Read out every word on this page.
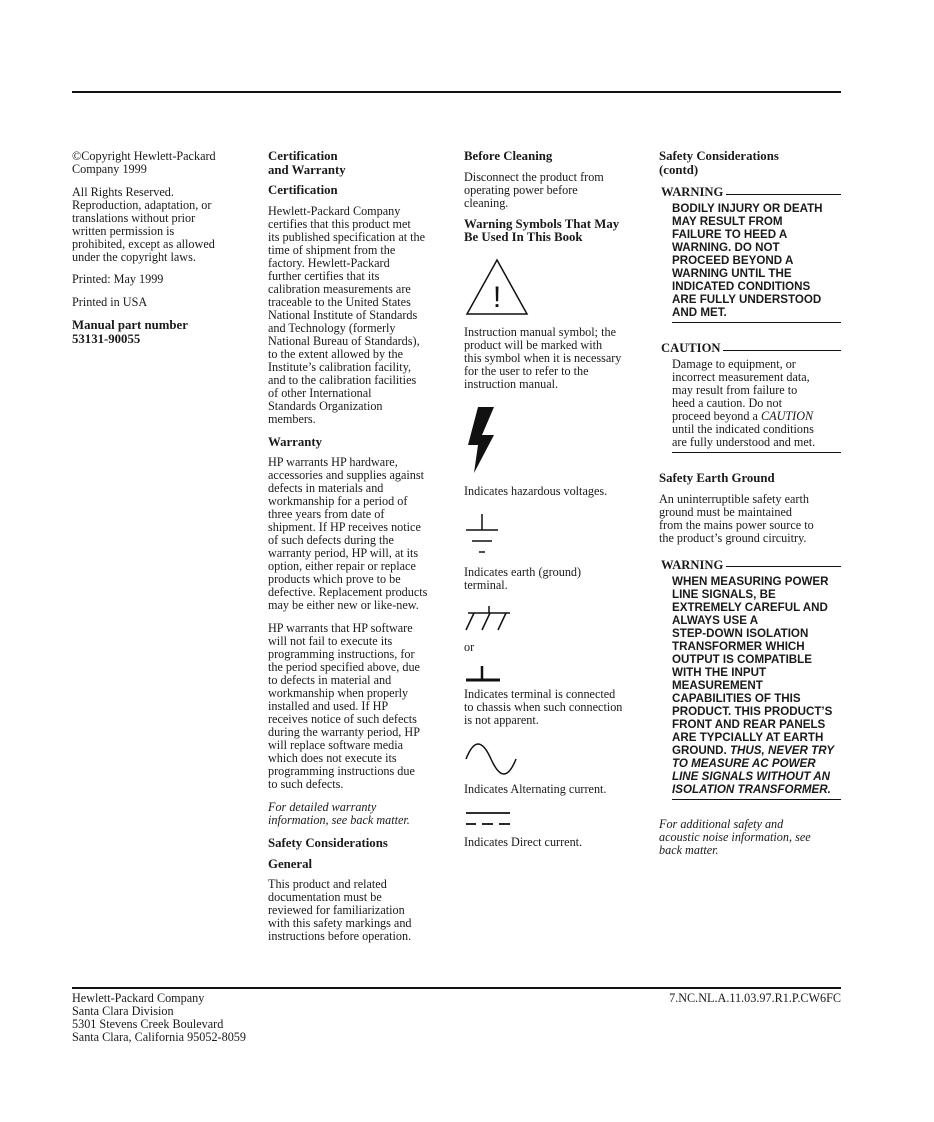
©Copyright Hewlett-Packard
Company 1999

All Rights Reserved.
Reproduction, adaptation, or
translations without prior
written permission is
prohibited, except as allowed
under the copyright laws.

Printed: May 1999

Printed in USA

Manual part number
53131-90055
Certification
and Warranty
Certification

Hewlett-Packard Company
certifies that this product met
its published specification at the
time of shipment from the
factory. Hewlett-Packard
further certifies that its
calibration measurements are
traceable to the United States
National Institute of Standards
and Technology (formerly
National Bureau of Standards),
to the extent allowed by the
Institute’s calibration facility,
and to the calibration facilities
of other International
Standards Organization
members.

Warranty

HP warrants HP hardware,
accessories and supplies against
defects in materials and
workmanship for a period of
three years from date of
shipment. If HP receives notice
of such defects during the
warranty period, HP will, at its
option, either repair or replace
products which prove to be
defective. Replacement products
may be either new or like-new.

HP warrants that HP software
will not fail to execute its
programming instructions, for
the period specified above, due
to defects in material and
workmanship when properly
installed and used. If HP
receives notice of such defects
during the warranty period, HP
will replace software media
which does not execute its
programming instructions due
to such defects.

For detailed warranty
information, see back matter.

Safety Considerations
General

This product and related
documentation must be
reviewed for familiarization
with this safety markings and
instructions before operation.

Before Cleaning

Disconnect the product from
operating power before
cleaning.

Warning Symbols That May
Be Used In This Book
!

Instruction manual symbol; the
product will be marked with
this symbol when it is necessary
for the user to refer to the
instruction manual.

Indicates hazardous voltages.

Indicates earth (ground)
terminal.

or

Indicates terminal is connected
to chassis when such connection
is not apparent.

Indicates Alternating current.

Indicates Direct current.

Safety Considerations
(contd)
WARNING
BODILY INJURY OR DEATH
MAY RESULT FROM
FAILURE TO HEED A
WARNING. DO NOT
PROCEED BEYOND A
WARNING UNTIL THE
INDICATED CONDITIONS
ARE FULLY UNDERSTOOD
AND MET.
CAUTION
Damage to equipment, or
incorrect measurement data,
may result from failure to
heed a caution. Do not
proceed beyond a CAUTION
until the indicated conditions
are fully understood and met.
Safety Earth Ground

An uninterruptible safety earth
ground must be maintained
from the mains power source to
the product’s ground circuitry.

WARNING
WHEN MEASURING POWER
LINE SIGNALS, BE
EXTREMELY CAREFUL AND
ALWAYS USE A
STEP-DOWN ISOLATION
TRANSFORMER WHICH
OUTPUT IS COMPATIBLE
WITH THE INPUT
MEASUREMENT
CAPABILITIES OF THIS
PRODUCT. THIS PRODUCT’S
FRONT AND REAR PANELS
ARE TYPCIALLY AT EARTH
GROUND. THUS, NEVER TRY
TO MEASURE AC POWER
LINE SIGNALS WITHOUT AN
ISOLATION TRANSFORMER.

For additional safety and
acoustic noise information, see
back matter.

Hewlett-Packard Company
Santa Clara Division
5301 Stevens Creek Boulevard
Santa Clara, California 95052-8059
7.NC.NL.A.11.03.97.R1.P.CW6FC
